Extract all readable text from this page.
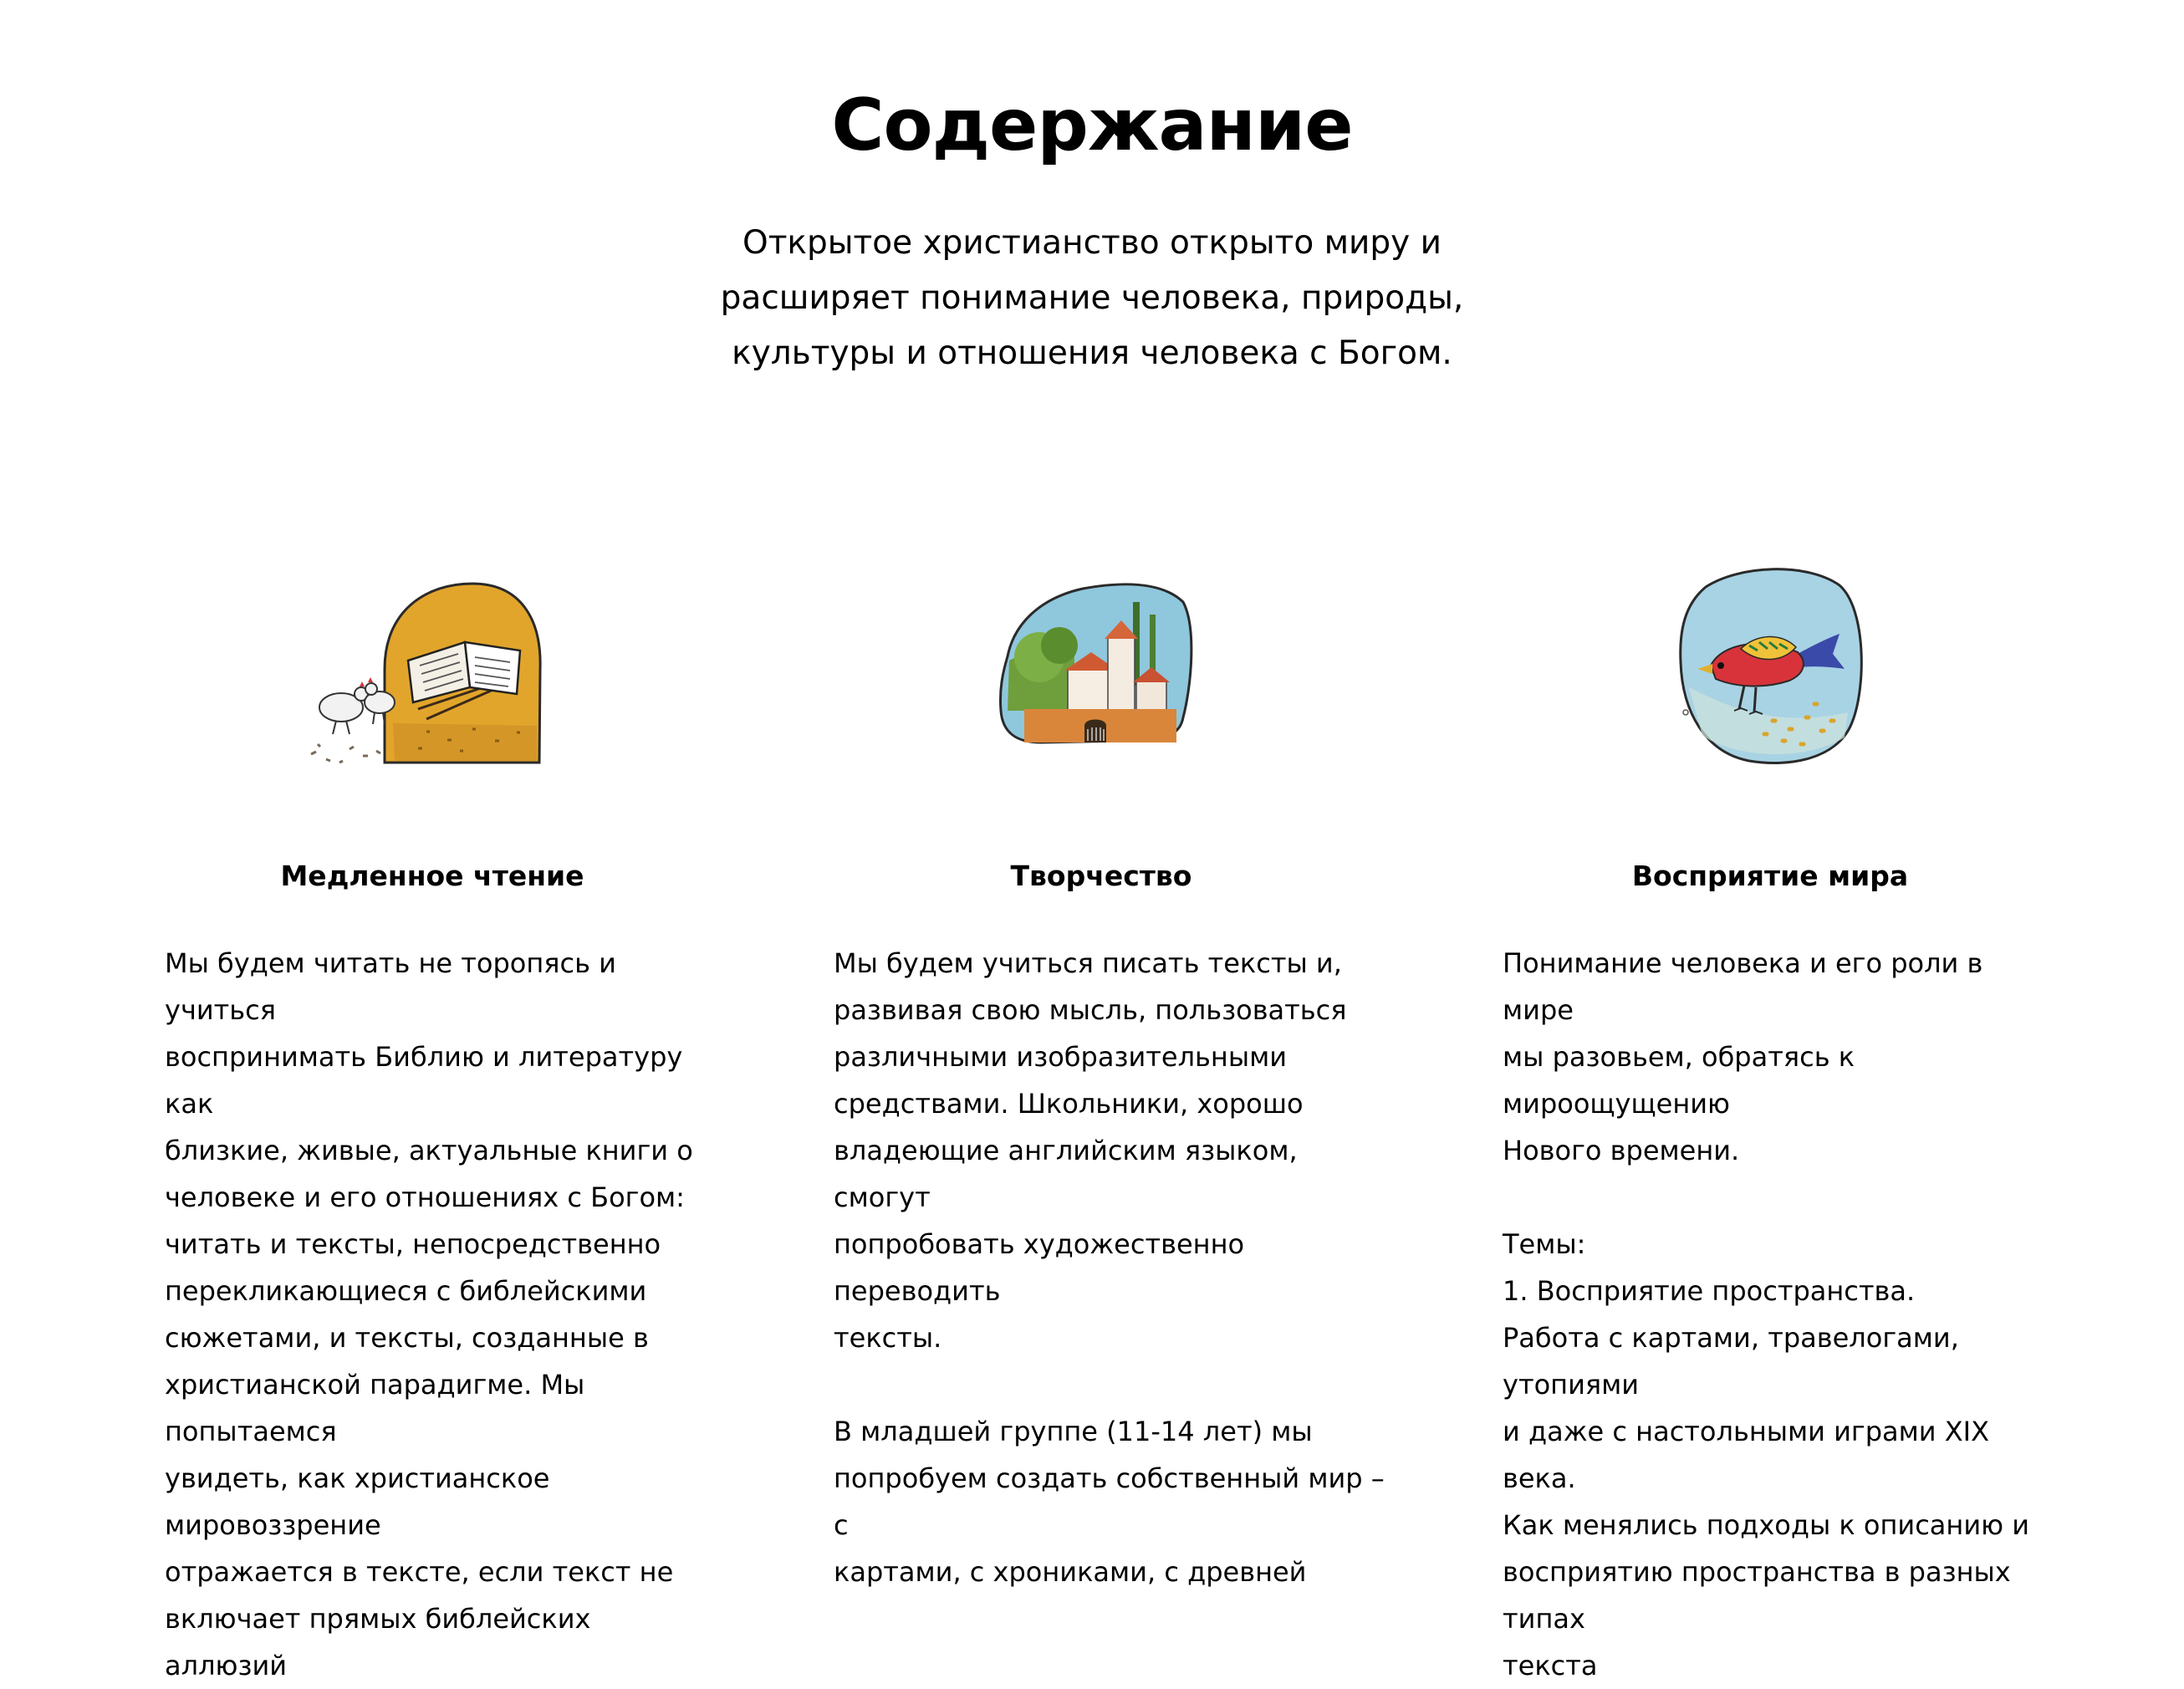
Содержание

Открытое христианство открыто миру и расширяет понимание человека, природы, культуры и отношения человека с Богом.

Медленное чтение	Творчество	Восприятие мира

Мы будем читать не торопясь и учиться
воспринимать Библию и литературу как
близкие, живые, актуальные книги о
человеке и его отношениях с Богом:
читать и тексты, непосредственно
перекликающиеся с библейскими
сюжетами, и тексты, созданные в
христианской парадигме. Мы попытаемся
увидеть, как христианское мировоззрение
отражается в тексте, если текст не
включает прямых библейских аллюзий

Мы будем учиться писать тексты и,
развивая свою мысль, пользоваться
различными изобразительными
средствами. Школьники, хорошо
владеющие английским языком, смогут
попробовать художественно переводить
тексты.

В младшей группе (11-14 лет) мы
попробуем создать собственный мир – с
картами, с хрониками, с древней

Понимание человека и его роли в мире
мы разовьем, обратясь к мироощущению
Нового времени.

Темы:
1. Восприятие пространства.
Работа с картами, травелогами, утопиями
и даже с настольными играми XIX века.
Как менялись подходы к описанию и
восприятию пространства в разных типах
текста
